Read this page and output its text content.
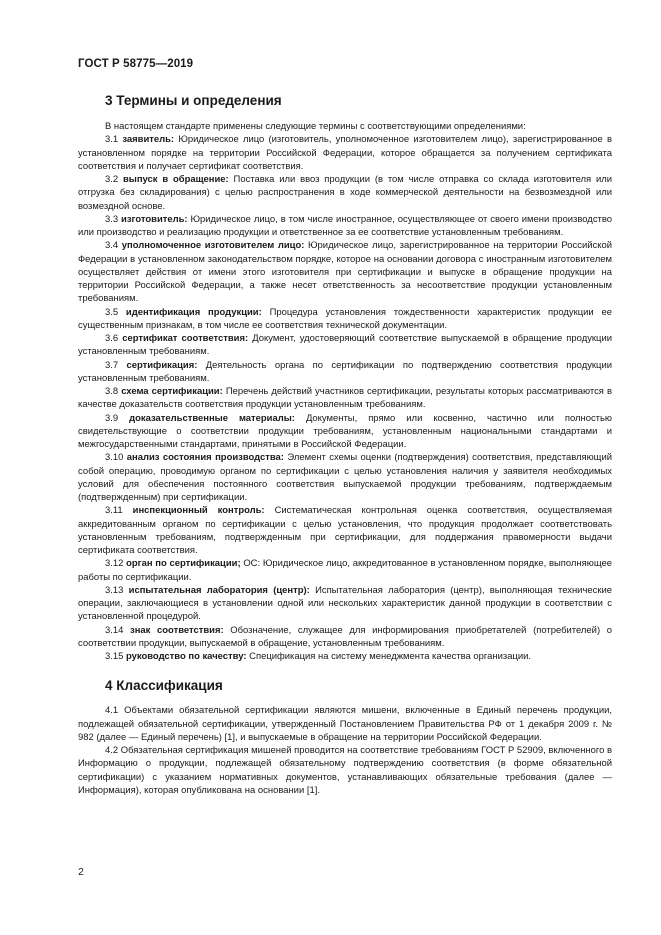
ГОСТ Р 58775—2019
3 Термины и определения

В настоящем стандарте применены следующие термины с соответствующими определениями:

3.1 заявитель: Юридическое лицо (изготовитель, уполномоченное изготовителем лицо), зарегистрированное в установленном порядке на территории Российской Федерации, которое обращается за получением сертификата соответствия и получает сертификат соответствия.

3.2 выпуск в обращение: Поставка или ввоз продукции (в том числе отправка со склада изготовителя или отгрузка без складирования) с целью распространения в ходе коммерческой деятельности на безвозмездной или возмездной основе.

3.3 изготовитель: Юридическое лицо, в том числе иностранное, осуществляющее от своего имени производство или производство и реализацию продукции и ответственное за ее соответствие установленным требованиям.

3.4 уполномоченное изготовителем лицо: Юридическое лицо, зарегистрированное на территории Российской Федерации в установленном законодательством порядке, которое на основании договора с иностранным изготовителем осуществляет действия от имени этого изготовителя при сертификации и выпуске в обращение продукции на территории Российской Федерации, а также несет ответственность за несоответствие продукции установленным требованиям.

3.5 идентификация продукции: Процедура установления тождественности характеристик продукции ее существенным признакам, в том числе ее соответствия технической документации.

3.6 сертификат соответствия: Документ, удостоверяющий соответствие выпускаемой в обращение продукции установленным требованиям.

3.7 сертификация: Деятельность органа по сертификации по подтверждению соответствия продукции установленным требованиям.

3.8 схема сертификации: Перечень действий участников сертификации, результаты которых рассматриваются в качестве доказательств соответствия продукции установленным требованиям.

3.9 доказательственные материалы: Документы, прямо или косвенно, частично или полностью свидетельствующие о соответствии продукции требованиям, установленным национальными стандартами и межгосударственными стандартами, принятыми в Российской Федерации.

3.10 анализ состояния производства: Элемент схемы оценки (подтверждения) соответствия, представляющий собой операцию, проводимую органом по сертификации с целью установления наличия у заявителя необходимых условий для обеспечения постоянного соответствия выпускаемой продукции требованиям, подтверждаемым (подтвержденным) при сертификации.

3.11 инспекционный контроль: Систематическая контрольная оценка соответствия, осуществляемая аккредитованным органом по сертификации с целью установления, что продукция продолжает соответствовать установленным требованиям, подтвержденным при сертификации, для поддержания правомерности выдачи сертификата соответствия.

3.12 орган по сертификации; ОС: Юридическое лицо, аккредитованное в установленном порядке, выполняющее работы по сертификации.

3.13 испытательная лаборатория (центр): Испытательная лаборатория (центр), выполняющая технические операции, заключающиеся в установлении одной или нескольких характеристик данной продукции в соответствии с установленной процедурой.

3.14 знак соответствия: Обозначение, служащее для информирования приобретателей (потребителей) о соответствии продукции, выпускаемой в обращение, установленным требованиям.

3.15 руководство по качеству: Спецификация на систему менеджмента качества организации.

4 Классификация

4.1 Объектами обязательной сертификации являются мишени, включенные в Единый перечень продукции, подлежащей обязательной сертификации, утвержденный Постановлением Правительства РФ от 1 декабря 2009 г. № 982 (далее — Единый перечень) [1], и выпускаемые в обращение на территории Российской Федерации.

4.2 Обязательная сертификация мишеней проводится на соответствие требованиям ГОСТ Р 52909, включенного в Информацию о продукции, подлежащей обязательному подтверждению соответствия (в форме обязательной сертификации) с указанием нормативных документов, устанавливающих обязательные требования (далее — Информация), которая опубликована на основании [1].

2
